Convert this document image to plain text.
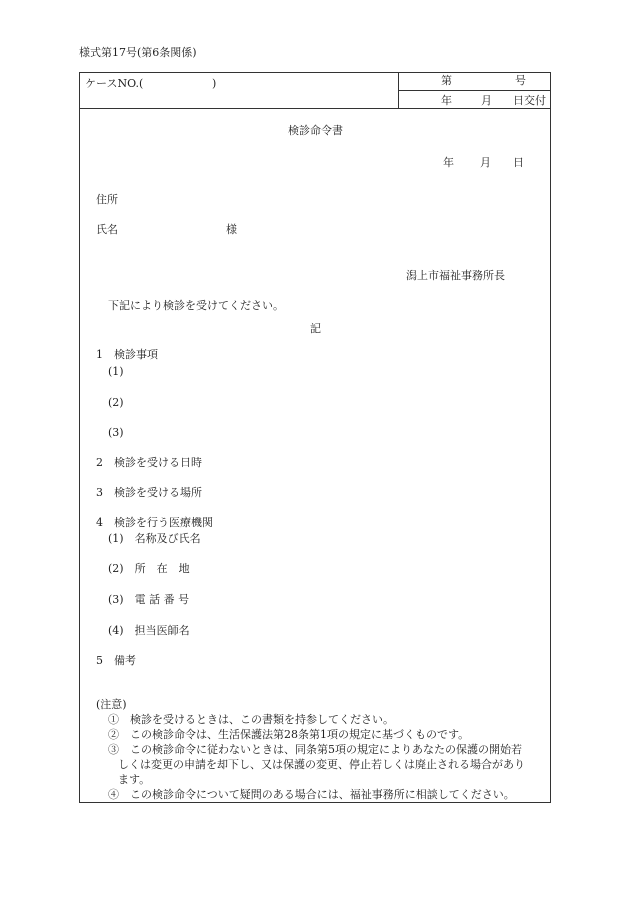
様式第17号(第6条関係)
ケースNO.(	)	第	号
年	月 日交付
検診命令書
年 月 日
住所
氏名	様
潟上市福祉事務所長
下記により検診を受けてください。
記
1　検診事項
(1)
(2)
(3)
2　検診を受ける日時
3　検診を受ける場所
4　検診を行う医療機関
(1)　名称及び氏名
(2)　所　在　地
(3)　電 話 番 号
(4)　担当医師名
5　備考
(注意)
①　検診を受けるときは、この書類を持参してください。
②　この検診命令は、生活保護法第28条第1項の規定に基づくものです。
③　この検診命令に従わないときは、同条第5項の規定によりあなたの保護の開始若
しくは変更の申請を却下し、又は保護の変更、停止若しくは廃止される場合があり
ます。
④　この検診命令について疑問のある場合には、福祉事務所に相談してください。
